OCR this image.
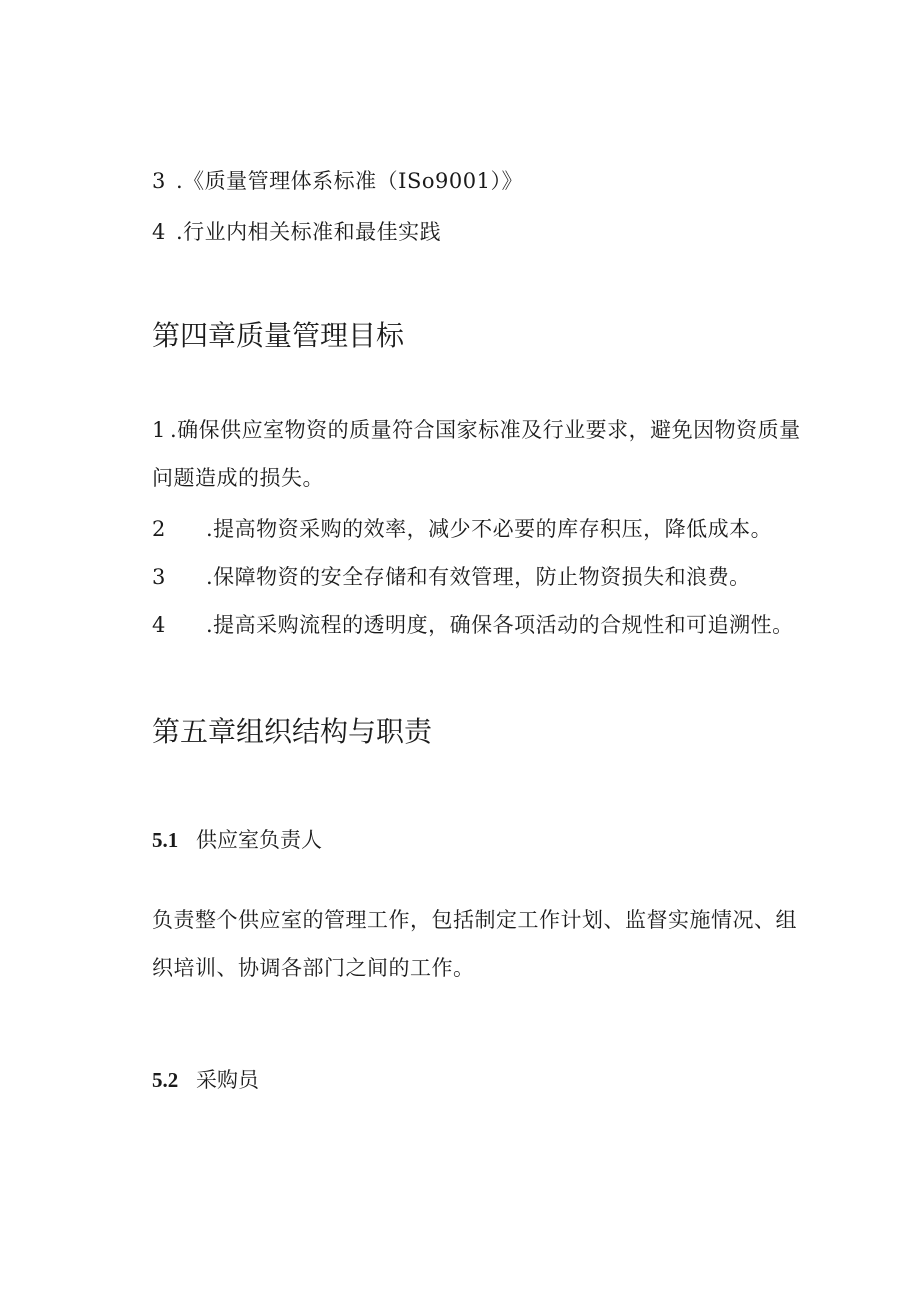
3 .《质量管理体系标准（ISo9001）》
4 .行业内相关标准和最佳实践
第四章质量管理目标
1 .确保供应室物资的质量符合国家标准及行业要求，避免因物资质量
问题造成的损失。
2 .提高物资采购的效率，减少不必要的库存积压，降低成本。
3 .保障物资的安全存储和有效管理，防止物资损失和浪费。
4 .提高采购流程的透明度，确保各项活动的合规性和可追溯性。
第五章组织结构与职责
5.1 供应室负责人
负责整个供应室的管理工作，包括制定工作计划、监督实施情况、组
织培训、协调各部门之间的工作。
5.2 采购员
